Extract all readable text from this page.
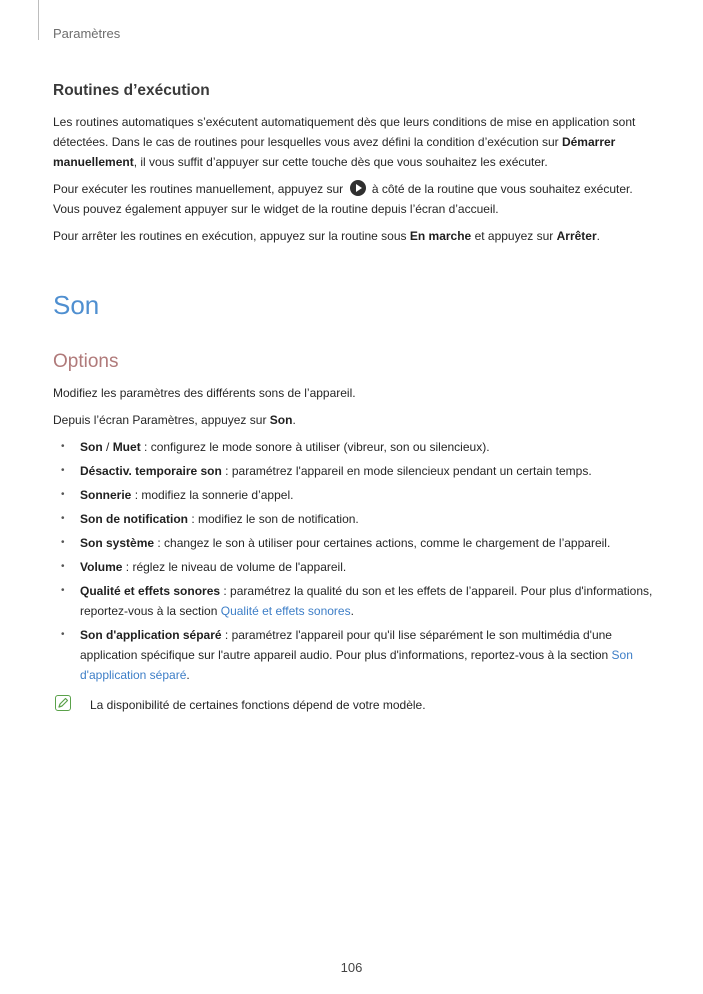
Paramètres
Routines d’exécution

Les routines automatiques s’exécutent automatiquement dès que leurs conditions de mise en application sont détectées. Dans le cas de routines pour lesquelles vous avez défini la condition d’exécution sur Démarrer manuellement, il vous suffit d’appuyer sur cette touche dès que vous souhaitez les exécuter.

Pour exécuter les routines manuellement, appuyez sur à côté de la routine que vous souhaitez exécuter. Vous pouvez également appuyer sur le widget de la routine depuis l’écran d’accueil.

Pour arrêter les routines en exécution, appuyez sur la routine sous En marche et appuyez sur Arrêter.

Son
Options

Modifiez les paramètres des différents sons de l’appareil.

Depuis l’écran Paramètres, appuyez sur Son.

• Son / Muet : configurez le mode sonore à utiliser (vibreur, son ou silencieux).
• Désactiv. temporaire son : paramétrez l'appareil en mode silencieux pendant un certain temps.
• Sonnerie : modifiez la sonnerie d’appel.
• Son de notification : modifiez le son de notification.
• Son système : changez le son à utiliser pour certaines actions, comme le chargement de l’appareil.
• Volume : réglez le niveau de volume de l'appareil.
• Qualité et effets sonores : paramétrez la qualité du son et les effets de l’appareil. Pour plus d'informations, reportez-vous à la section Qualité et effets sonores.
• Son d'application séparé : paramétrez l'appareil pour qu'il lise séparément le son multimédia d'une application spécifique sur l'autre appareil audio. Pour plus d'informations, reportez-vous à la section Son d'application séparé.
La disponibilité de certaines fonctions dépend de votre modèle.
106
